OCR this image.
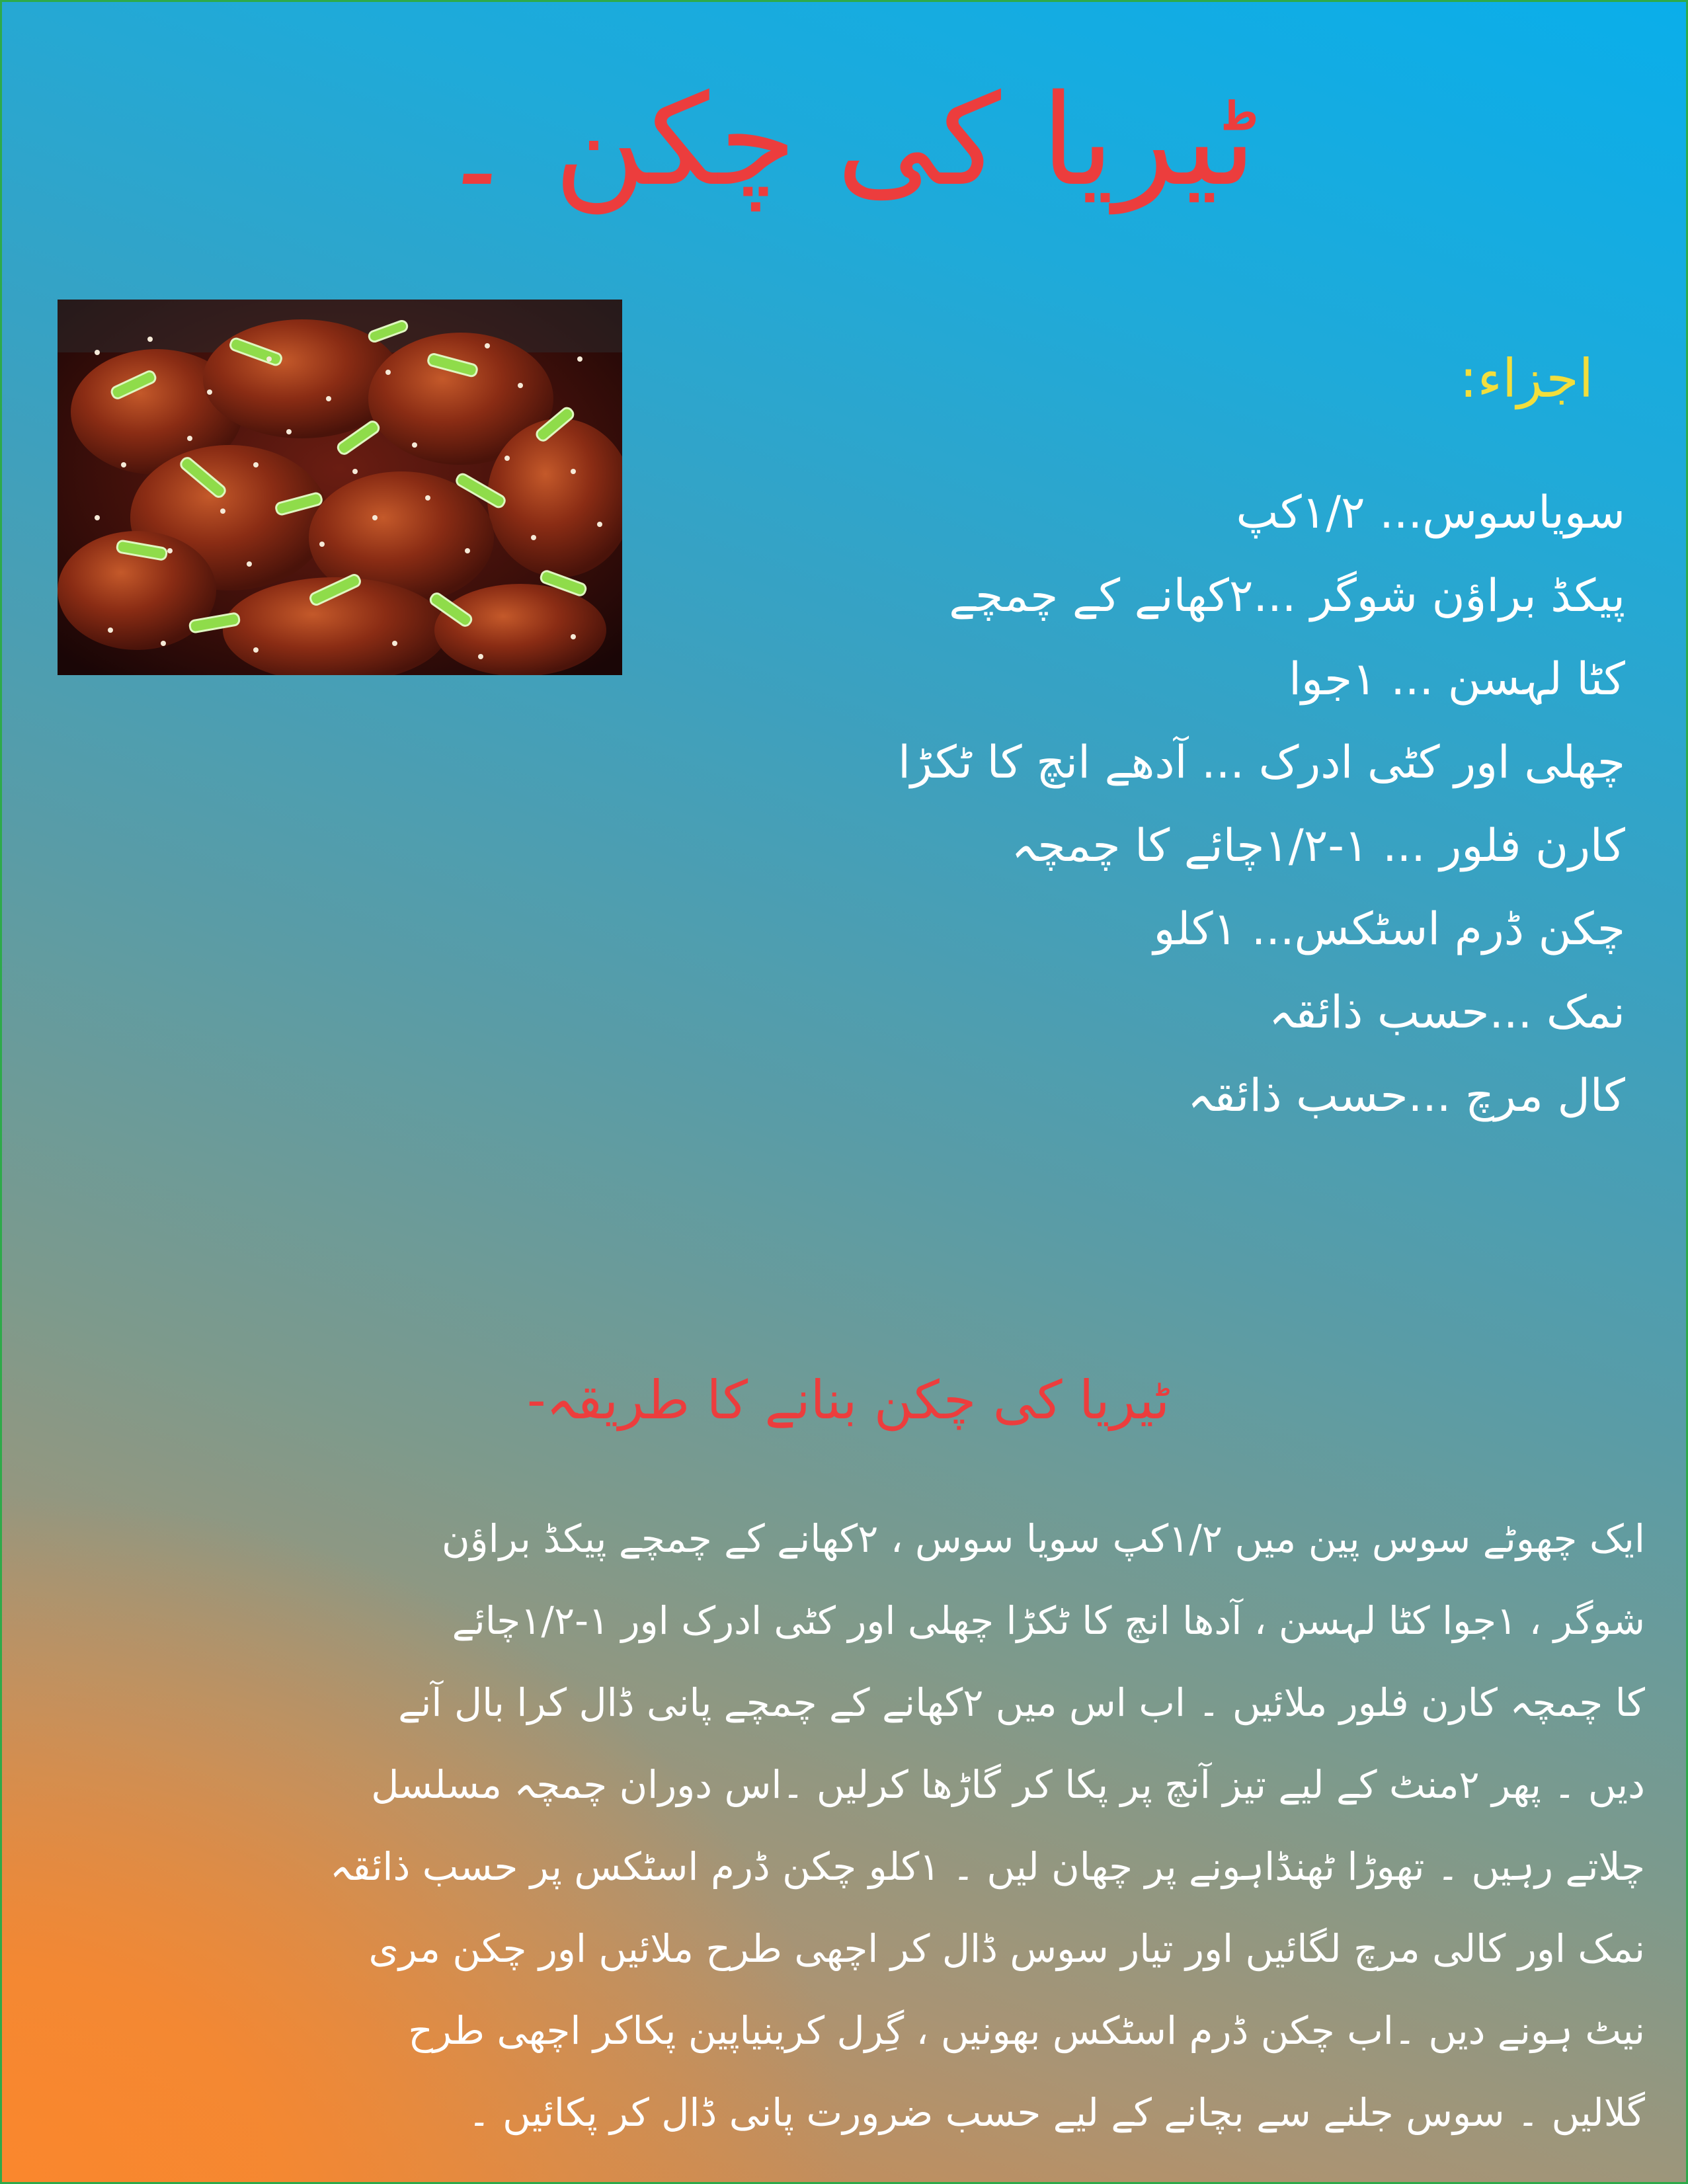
ٹیریا کی چکن ۔
اجزاء:
سویاسوس... ۱/۲کپ
پیکڈ براؤن شوگر ...۲کھانے کے چمچے
کٹا لہسن ... ۱جوا
چھلی اور کٹی ادرک ... آدھے انچ کا ٹکڑا
کارن فلور ... ۱-۱/۲چائے کا چمچہ
چکن ڈرم اسٹکس... ۱کلو
نمک ...حسب ذائقہ
کال مرچ ...حسب ذائقہ
ٹیریا کی چکن بنانے کا طریقہ-
ایک چھوٹے سوس پین میں ۱/۲کپ سویا سوس ، ۲کھانے کے چمچے پیکڈ براؤن
شوگر ، ۱جوا کٹا لہسن ، آدھا انچ کا ٹکڑا چھلی اور کٹی ادرک اور ۱-۱/۲چائے
کا چمچہ کارن فلور ملائیں ۔ اب اس میں ۲کھانے کے چمچے پانی ڈال کرا بال آنے
دیں ۔ پھر ۲منٹ کے لیے تیز آنچ پر پکا کر گاڑھا کرلیں ۔اس دوران چمچہ مسلسل
چلاتے رہیں ۔ تھوڑا ٹھنڈاہونے پر چھان لیں ۔ ۱کلو چکن ڈرم اسٹکس پر حسب ذائقہ
نمک اور کالی مرچ لگائیں اور تیار سوس ڈال کر اچھی طرح ملائیں اور چکن مری
نیٹ ہونے دیں ۔اب چکن ڈرم اسٹکس بھونیں ، گِرل کرینیاپین پکاکر اچھی طرح
گلالیں ۔ سوس جلنے سے بچانے کے لیے حسب ضرورت پانی ڈال کر پکائیں ۔
